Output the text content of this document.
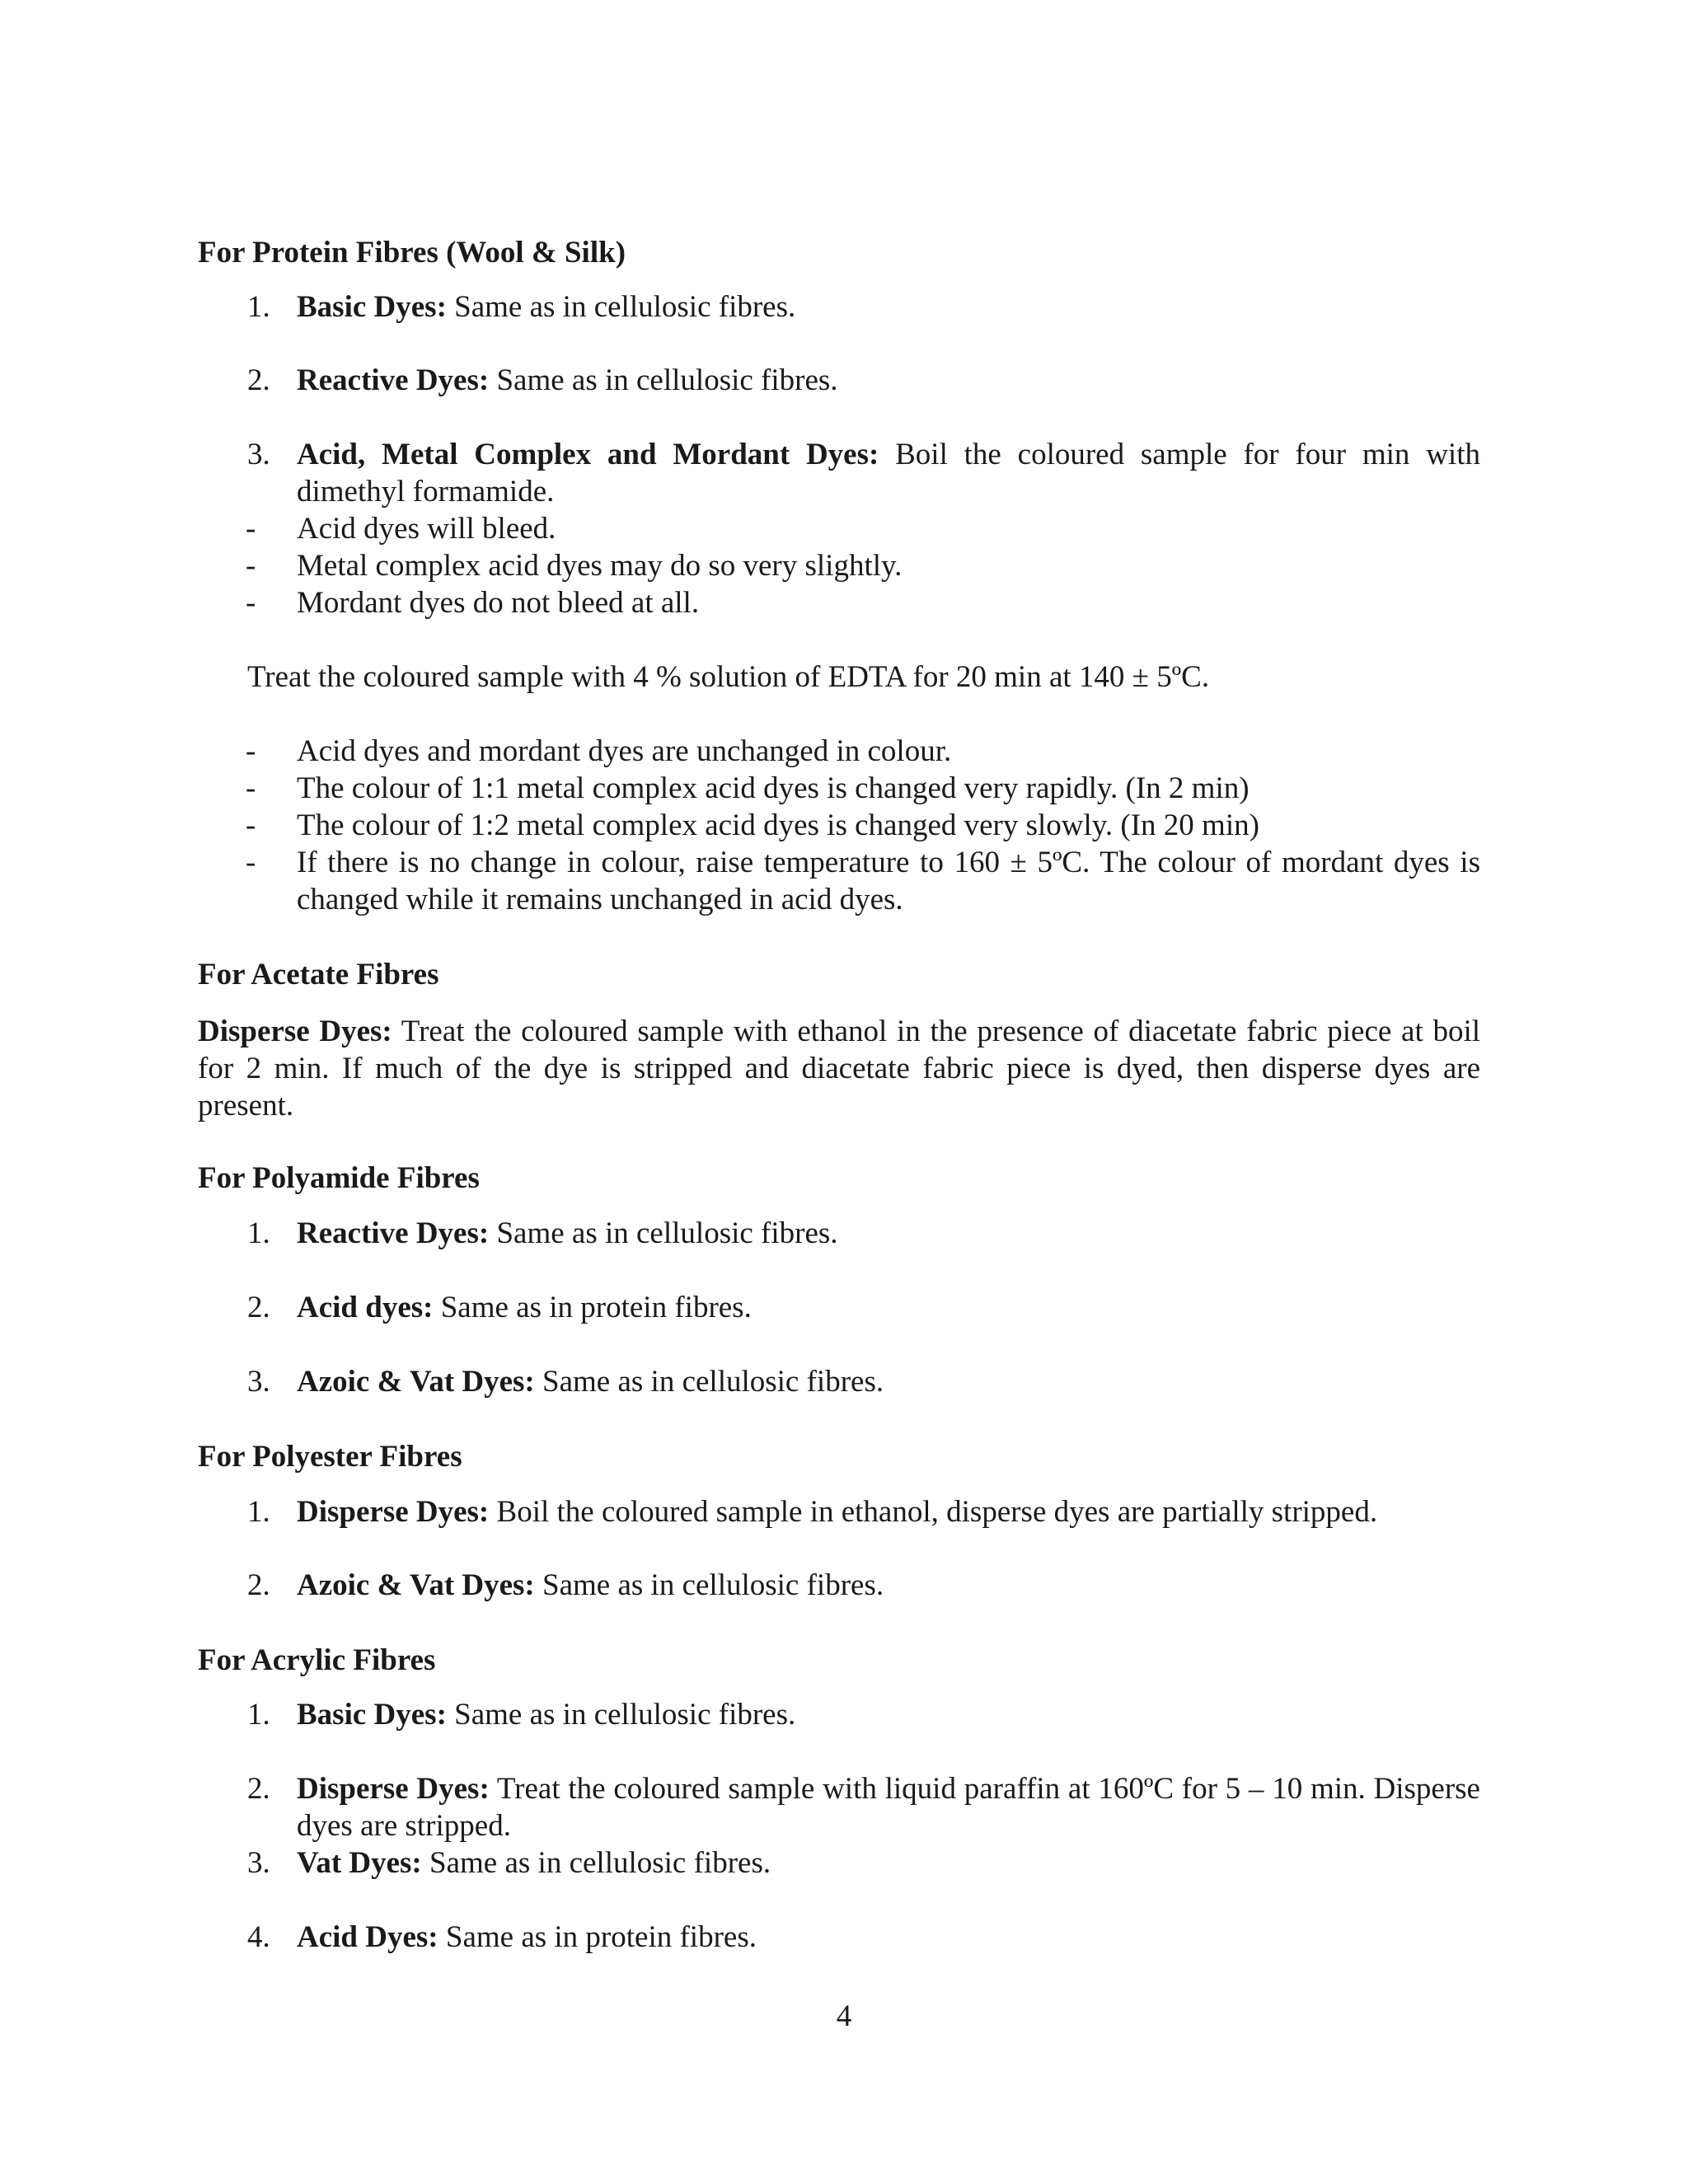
For Protein Fibres (Wool & Silk)
1. Basic Dyes: Same as in cellulosic fibres.
2. Reactive Dyes: Same as in cellulosic fibres.
3. Acid, Metal Complex and Mordant Dyes: Boil the coloured sample for four min with dimethyl formamide.
- Acid dyes will bleed.
- Metal complex acid dyes may do so very slightly.
- Mordant dyes do not bleed at all.
Treat the coloured sample with 4 % solution of EDTA for 20 min at 140 ± 5ºC.
- Acid dyes and mordant dyes are unchanged in colour.
- The colour of 1:1 metal complex acid dyes is changed very rapidly. (In 2 min)
- The colour of 1:2 metal complex acid dyes is changed very slowly. (In 20 min)
- If there is no change in colour, raise temperature to 160 ± 5ºC. The colour of mordant dyes is changed while it remains unchanged in acid dyes.
For Acetate Fibres
Disperse Dyes: Treat the coloured sample with ethanol in the presence of diacetate fabric piece at boil for 2 min. If much of the dye is stripped and diacetate fabric piece is dyed, then disperse dyes are present.
For Polyamide Fibres
1. Reactive Dyes: Same as in cellulosic fibres.
2. Acid dyes: Same as in protein fibres.
3. Azoic & Vat Dyes: Same as in cellulosic fibres.
For Polyester Fibres
1. Disperse Dyes: Boil the coloured sample in ethanol, disperse dyes are partially stripped.
2. Azoic & Vat Dyes: Same as in cellulosic fibres.
For Acrylic Fibres
1. Basic Dyes: Same as in cellulosic fibres.
2. Disperse Dyes: Treat the coloured sample with liquid paraffin at 160ºC for 5 – 10 min. Disperse dyes are stripped.
3. Vat Dyes: Same as in cellulosic fibres.
4. Acid Dyes: Same as in protein fibres.
4
